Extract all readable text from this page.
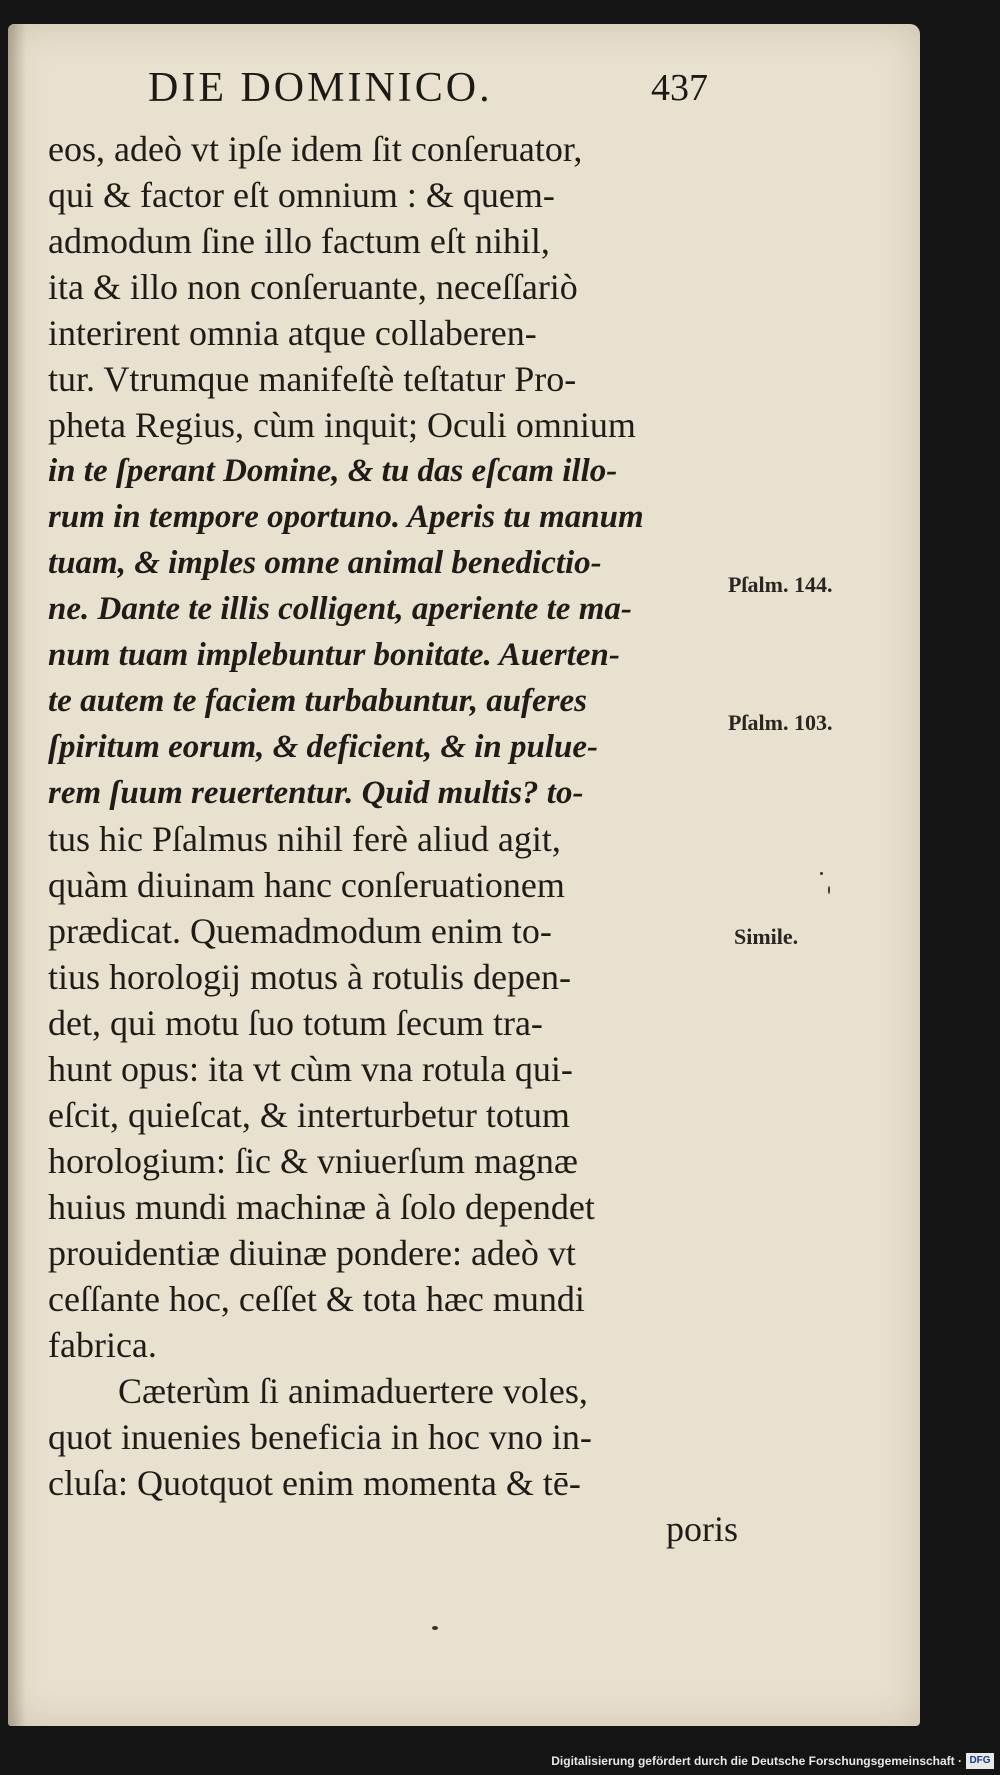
DIE DOMINICO.	437
eos, adeò vt ipſe idem ſit conſeruator,
qui & factor eſt omnium : & quem-
admodum ſine illo factum eſt nihil,
ita & illo non conſeruante, neceſſariò
interirent omnia atque collaberen-
tur. Vtrumque manifeſtè teſtatur Pro-
pheta Regius, cùm inquit; Oculi omnium
in te ſperant Domine, & tu das eſcam illo-
rum in tempore oportuno. Aperis tu manum
tuam, & imples omne animal benedictio-
ne. Dante te illis colligent, aperiente te ma-
num tuam implebuntur bonitate. Auerten-
te autem te faciem turbabuntur, auferes
ſpiritum eorum, & deficient, & in pulue-
rem ſuum reuertentur. Quid multis? to-
tus hic Pſalmus nihil ferè aliud agit,
quàm diuinam hanc conſeruationem
prædicat. Quemadmodum enim to-
tius horologij motus à rotulis depen-
det, qui motu ſuo totum ſecum tra-
hunt opus: ita vt cùm vna rotula qui-
eſcit, quieſcat, & interturbetur totum
horologium: ſic & vniuerſum magnæ
huius mundi machinæ à ſolo dependet
prouidentiæ diuinæ pondere: adeò vt
ceſſante hoc, ceſſet & tota hæc mundi
fabrica.
Cæterùm ſi animaduertere voles,
quot inuenies beneficia in hoc vno in-
cluſa: Quotquot enim momenta & tē-
poris
Pſalm. 144.
Pſalm. 103.
Simile.
Digitalisierung gefördert durch die Deutsche Forschungsgemeinschaft · DFG
